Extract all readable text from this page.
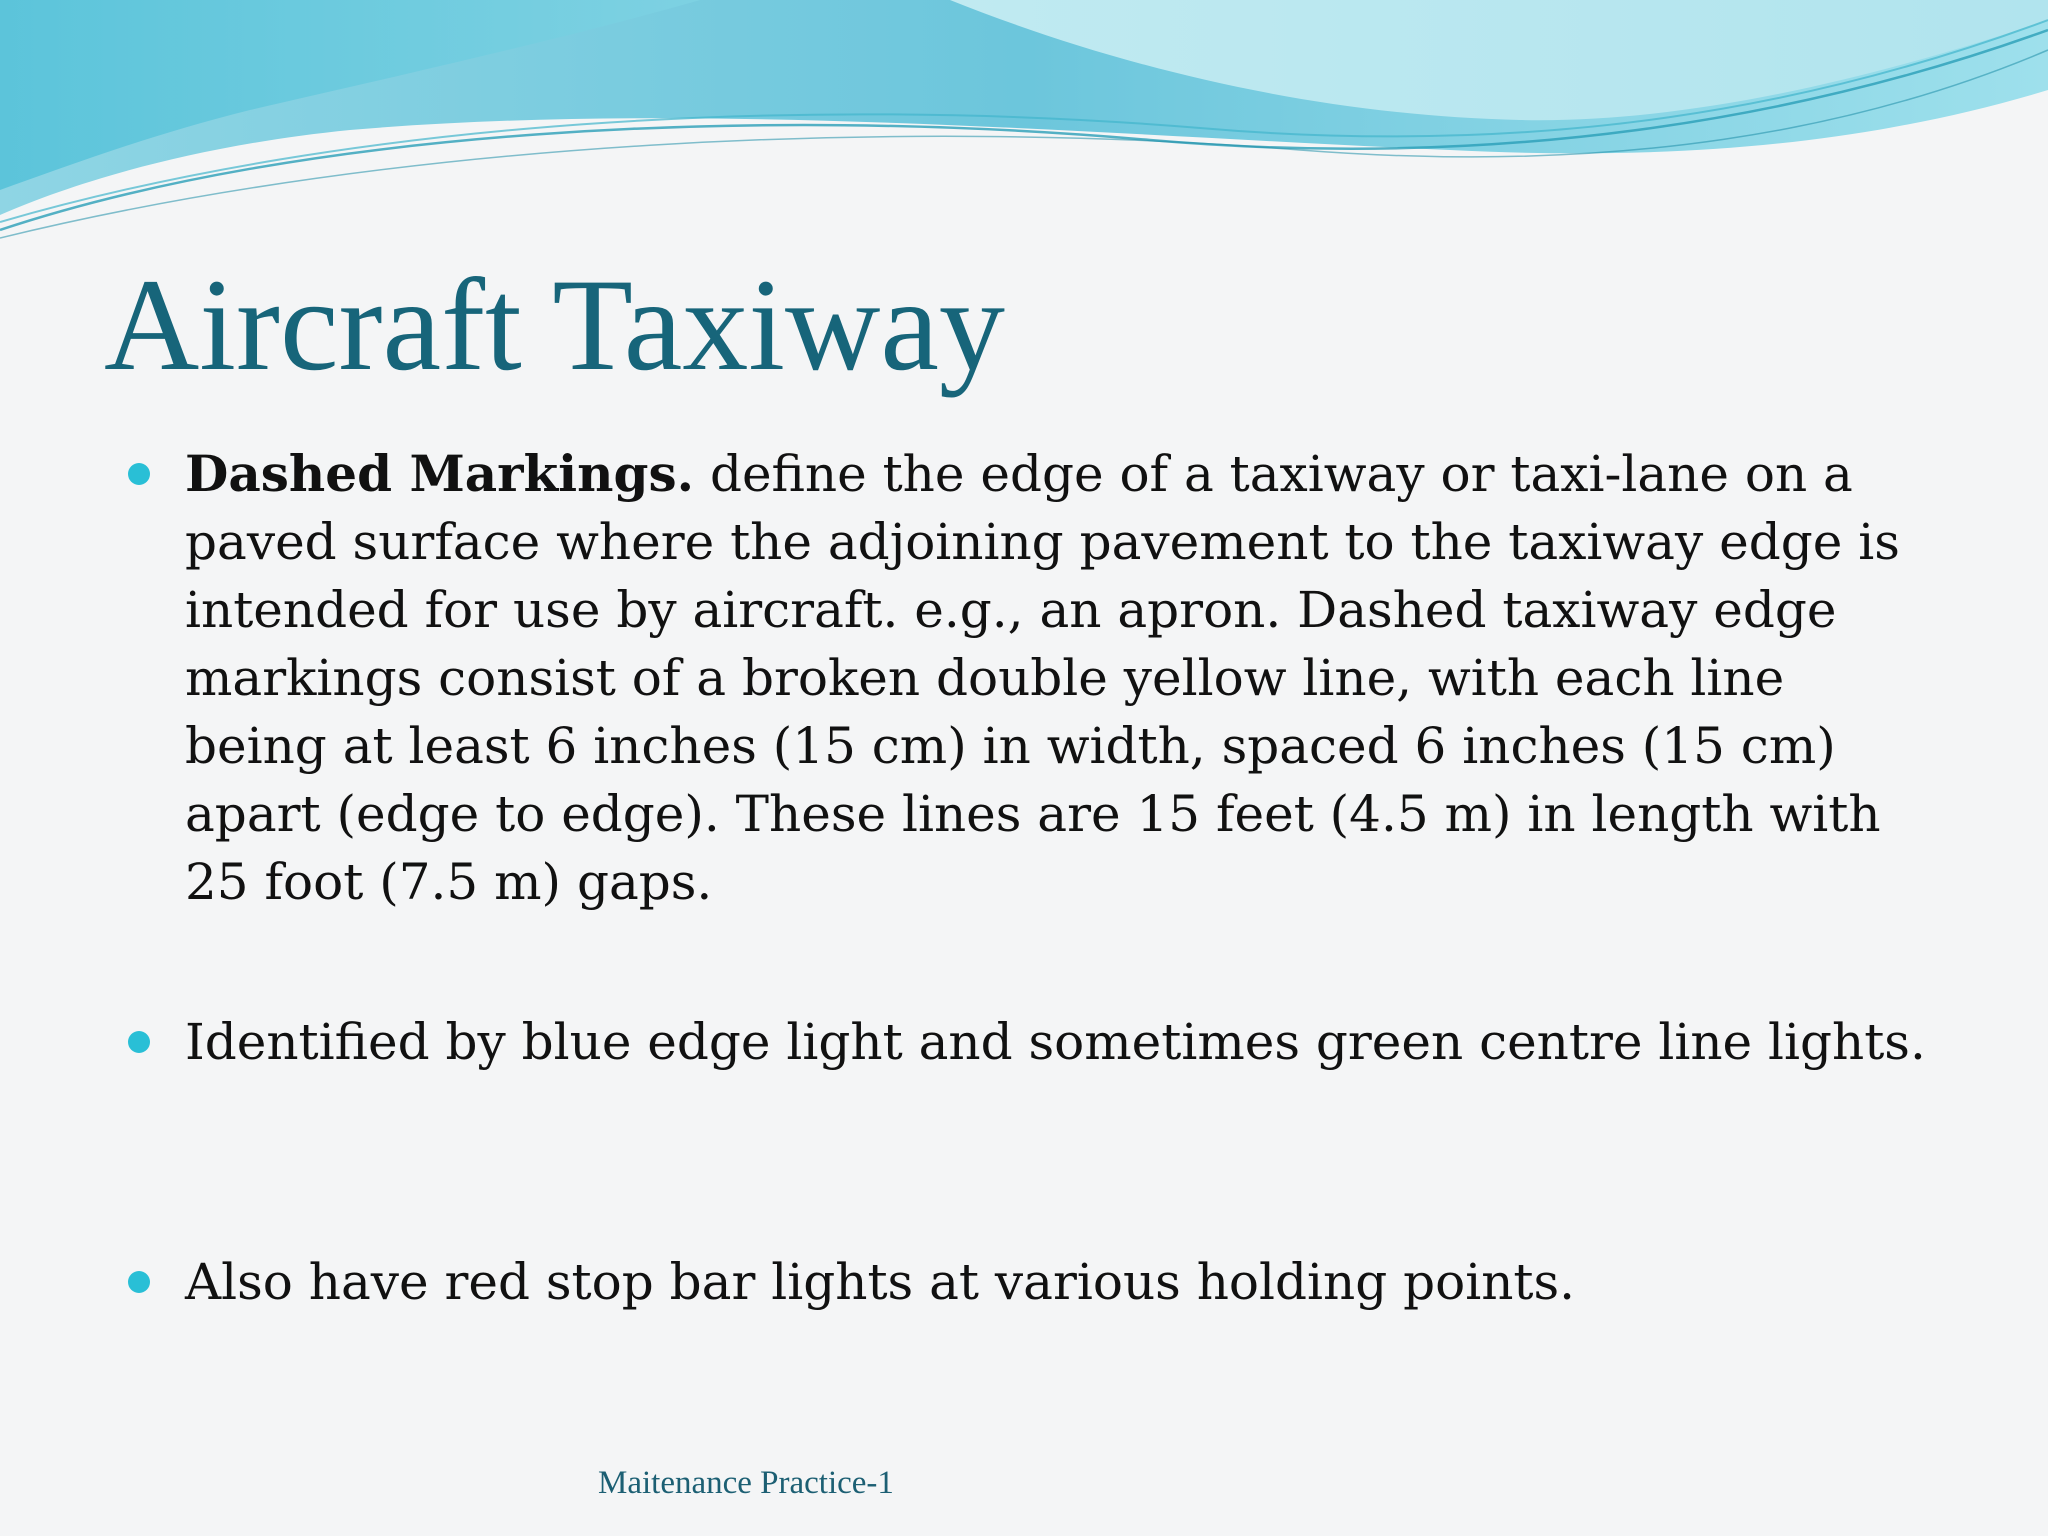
Aircraft Taxiway
Dashed Markings. define the edge of a taxiway or taxi-lane on a paved surface where the adjoining pavement to the taxiway edge is intended for use by aircraft. e.g., an apron. Dashed taxiway edge markings consist of a broken double yellow line, with each line being at least 6 inches (15 cm) in width, spaced 6 inches (15 cm) apart (edge to edge). These lines are 15 feet (4.5 m) in length with 25 foot (7.5 m) gaps.
Identified by blue edge light and sometimes green centre line lights.
Also have red stop bar lights at various holding points.
Maitenance Practice-1
